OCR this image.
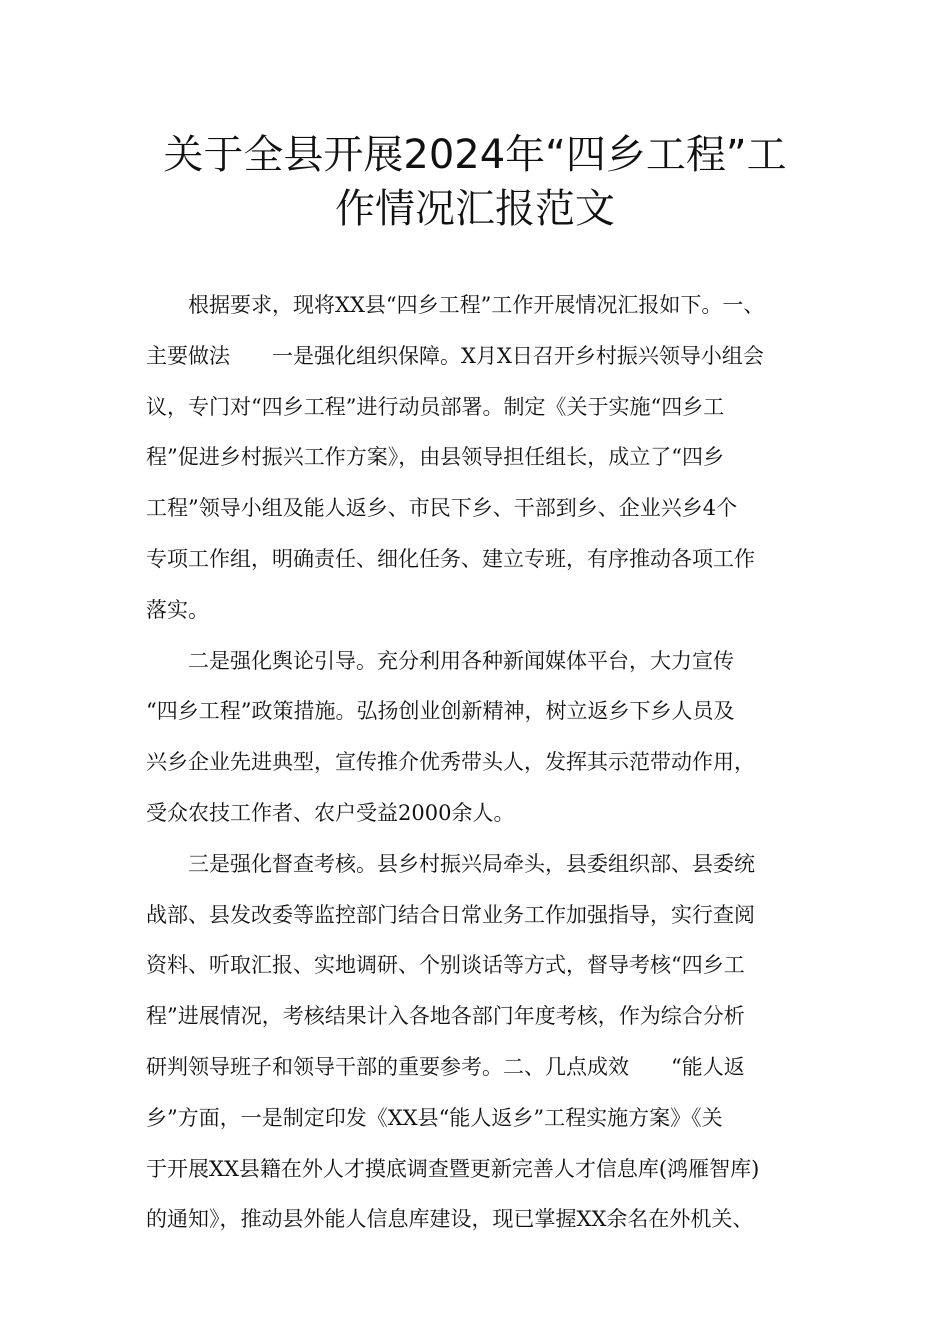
关于全县开展2024年“四乡工程”工
作情况汇报范文
　　根据要求，现将XX县“四乡工程”工作开展情况汇报如下。一、
主要做法　　一是强化组织保障。X月X日召开乡村振兴领导小组会
议，专门对“四乡工程”进行动员部署。制定《关于实施“四乡工
程”促进乡村振兴工作方案》，由县领导担任组长，成立了“四乡
工程”领导小组及能人返乡、市民下乡、干部到乡、企业兴乡4个
专项工作组，明确责任、细化任务、建立专班，有序推动各项工作
落实。
　　二是强化舆论引导。充分利用各种新闻媒体平台，大力宣传
“四乡工程”政策措施。弘扬创业创新精神，树立返乡下乡人员及
兴乡企业先进典型，宣传推介优秀带头人，发挥其示范带动作用，
受众农技工作者、农户受益2000余人。
　　三是强化督查考核。县乡村振兴局牵头，县委组织部、县委统
战部、县发改委等监控部门结合日常业务工作加强指导，实行查阅
资料、听取汇报、实地调研、个别谈话等方式，督导考核“四乡工
程”进展情况，考核结果计入各地各部门年度考核，作为综合分析
研判领导班子和领导干部的重要参考。二、几点成效　　“能人返
乡”方面，一是制定印发《XX县“能人返乡”工程实施方案》《关
于开展XX县籍在外人才摸底调查暨更新完善人才信息库(鸿雁智库)
的通知》，推动县外能人信息库建设，现已掌握XX余名在外机关、
